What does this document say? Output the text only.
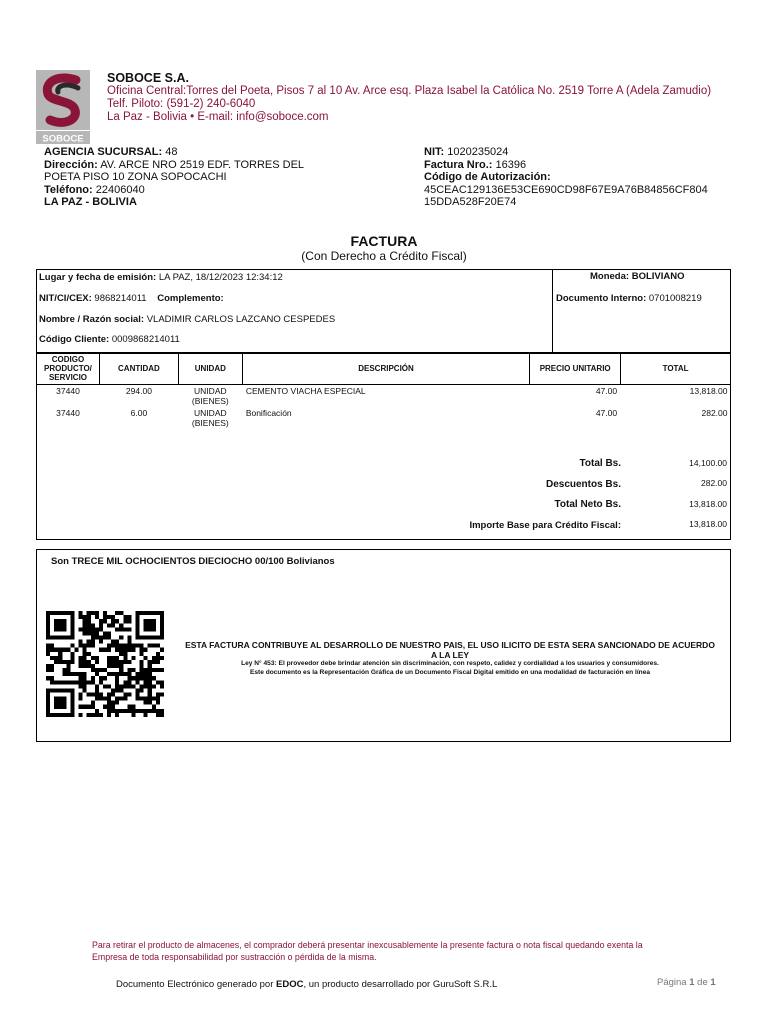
SOBOCE
SOBOCE S.A.
Oficina Central:Torres del Poeta, Pisos 7 al 10 Av. Arce esq. Plaza Isabel la Católica No. 2519 Torre A (Adela Zamudio)
Telf. Piloto: (591-2) 240-6040
La Paz - Bolivia • E-mail: info@soboce.com
AGENCIA SUCURSAL: 48
Dirección: AV. ARCE NRO 2519 EDF. TORRES DEL
POETA PISO 10 ZONA SOPOCACHI
Teléfono: 22406040
LA PAZ - BOLIVIA
NIT: 1020235024
Factura Nro.: 16396
Código de Autorización:
45CEAC129136E53CE690CD98F67E9A76B84856CF804
15DDA528F20E74
FACTURA
(Con Derecho a Crédito Fiscal)
Lugar y fecha de emisión: LA PAZ, 18/12/2023 12:34:12
NIT/CI/CEX: 9868214011 Complemento:
Nombre / Razón social: VLADIMIR CARLOS LAZCANO CESPEDES
Código Cliente: 0009868214011
Moneda: BOLIVIANO
Documento Interno: 0701008219
CODIGO PRODUCTO/ SERVICIO	CANTIDAD	UNIDAD	DESCRIPCIÓN	PRECIO UNITARIO	TOTAL
37440	294.00	UNIDAD
(BIENES)	CEMENTO VIACHA ESPECIAL	47.00	13,818.00
37440	6.00	UNIDAD
(BIENES)	Bonificación	47.00	282.00
Total Bs.	14,100.00
Descuentos Bs.	282.00
Total Neto Bs.	13,818.00
Importe Base para Crédito Fiscal:	13,818.00
Son TRECE MIL OCHOCIENTOS DIECIOCHO 00/100 Bolivianos
ESTA FACTURA CONTRIBUYE AL DESARROLLO DE NUESTRO PAIS, EL USO ILICITO DE ESTA SERA SANCIONADO DE ACUERDO A LA LEY
Ley N° 453: El proveedor debe brindar atención sin discriminación, con respeto, calidez y cordialidad a los usuarios y consumidores.
Este documento es la Representación Gráfica de un Documento Fiscal Digital emitido en una modalidad de facturación en línea
Para retirar el producto de almacenes, el comprador deberá presentar inexcusablemente la presente factura o nota fiscal quedando exenta la Empresa de toda responsabilidad por sustracción o pérdida de la misma.
Documento Electrónico generado por EDOC, un producto desarrollado por GuruSoft S.R.L	Página 1 de 1
